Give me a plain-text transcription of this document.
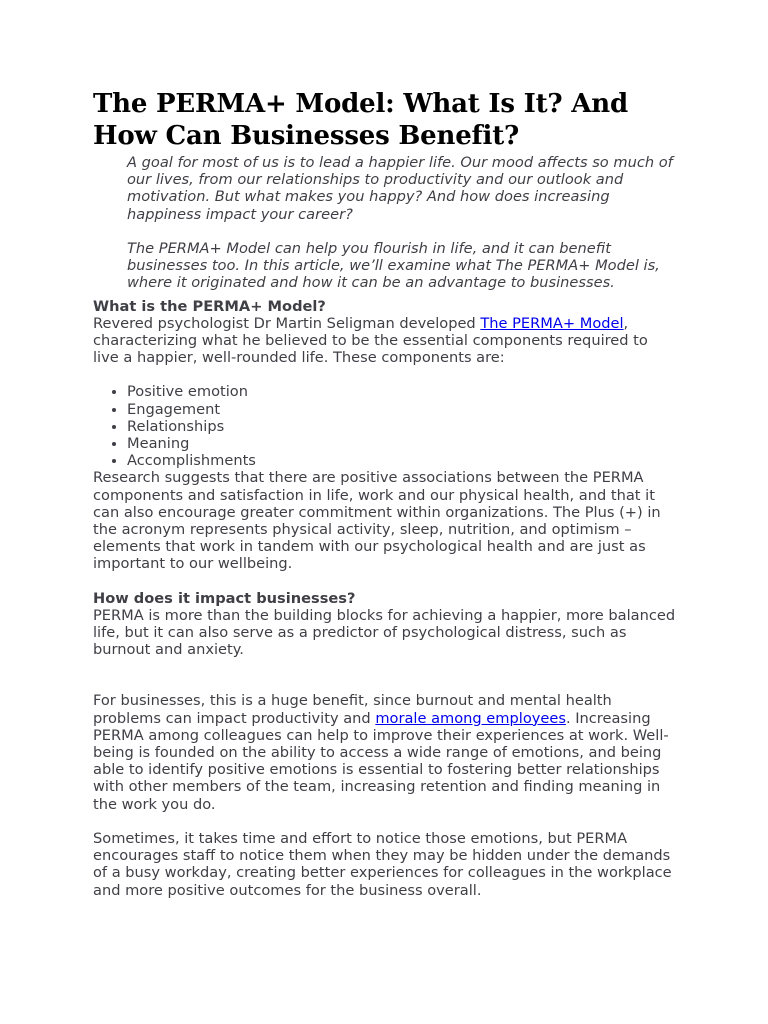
The PERMA+ Model: What Is It? And How Can Businesses Benefit?

A goal for most of us is to lead a happier life. Our mood affects so much of our lives, from our relationships to productivity and our outlook and motivation. But what makes you happy? And how does increasing happiness impact your career?

The PERMA+ Model can help you flourish in life, and it can benefit businesses too. In this article, we’ll examine what The PERMA+ Model is, where it originated and how it can be an advantage to businesses.

What is the PERMA+ Model?

Revered psychologist Dr Martin Seligman developed The PERMA+ Model, characterizing what he believed to be the essential components required to live a happier, well-rounded life. These components are:

• Positive emotion
• Engagement
• Relationships
• Meaning
• Accomplishments

Research suggests that there are positive associations between the PERMA components and satisfaction in life, work and our physical health, and that it can also encourage greater commitment within organizations. The Plus (+) in the acronym represents physical activity, sleep, nutrition, and optimism – elements that work in tandem with our psychological health and are just as important to our wellbeing.

How does it impact businesses?

PERMA is more than the building blocks for achieving a happier, more balanced life, but it can also serve as a predictor of psychological distress, such as burnout and anxiety.

For businesses, this is a huge benefit, since burnout and mental health problems can impact productivity and morale among employees. Increasing PERMA among colleagues can help to improve their experiences at work. Well-being is founded on the ability to access a wide range of emotions, and being able to identify positive emotions is essential to fostering better relationships with other members of the team, increasing retention and finding meaning in the work you do.

Sometimes, it takes time and effort to notice those emotions, but PERMA encourages staff to notice them when they may be hidden under the demands of a busy workday, creating better experiences for colleagues in the workplace and more positive outcomes for the business overall.
